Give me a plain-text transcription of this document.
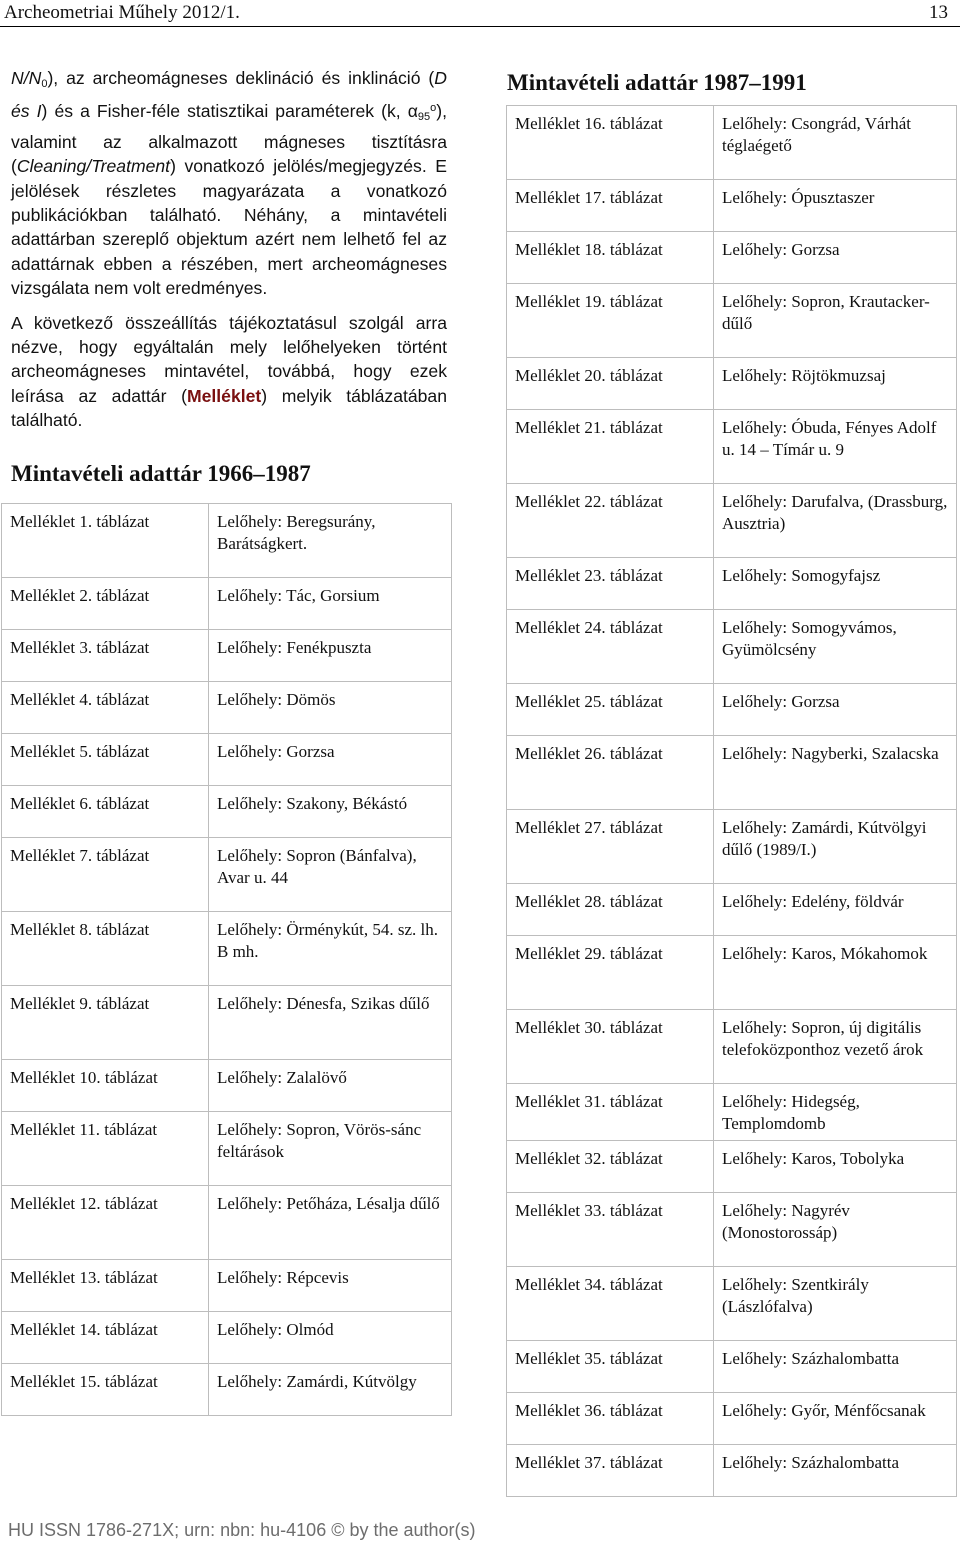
Archeometriai Műhely 2012/1.	13

$N/N_0$), az archeomágneses deklináció és inklináció (D és I) és a Fisher-féle statisztikai paraméterek (k, $\alpha_{95}^o$), valamint az alkalmazott mágneses tisztításra (Cleaning/Treatment) vonatkozó jelölés/megjegyzés. E jelölések részletes magyarázata a vonatkozó publikációkban található. Néhány, a mintavételi adattárban szereplő objektum azért nem lelhető fel az adattárnak ebben a részében, mert archeomágneses vizsgálata nem volt eredményes.

A következő összeállítás tájékoztatásul szolgál arra nézve, hogy egyáltalán mely lelőhelyeken történt archeomágneses mintavétel, továbbá, hogy ezek leírása az adattár (Melléklet) melyik táblázatában található.

Mintavételi adattár 1966–1987
Melléklet 1. táblázat	Lelőhely: Beregsurány, Barátságkert.
Melléklet 2. táblázat	Lelőhely: Tác, Gorsium
Melléklet 3. táblázat	Lelőhely: Fenékpuszta
Melléklet 4. táblázat	Lelőhely: Dömös
Melléklet 5. táblázat	Lelőhely: Gorzsa
Melléklet 6. táblázat	Lelőhely: Szakony, Békástó
Melléklet 7. táblázat	Lelőhely: Sopron (Bánfalva), Avar u. 44
Melléklet 8. táblázat	Lelőhely: Örménykút, 54. sz. lh. B mh.
Melléklet 9. táblázat	Lelőhely: Dénesfa, Szikas dűlő
Melléklet 10. táblázat	Lelőhely: Zalalövő
Melléklet 11. táblázat	Lelőhely: Sopron, Vörös-sánc feltárások
Melléklet 12. táblázat	Lelőhely: Petőháza, Lésalja dűlő
Melléklet 13. táblázat	Lelőhely: Répcevis
Melléklet 14. táblázat	Lelőhely: Olmód
Melléklet 15. táblázat	Lelőhely: Zamárdi, Kútvölgy
Mintavételi adattár 1987–1991
Melléklet 16. táblázat	Lelőhely: Csongrád, Várhát téglaégető
Melléklet 17. táblázat	Lelőhely: Ópusztaszer
Melléklet 18. táblázat	Lelőhely: Gorzsa
Melléklet 19. táblázat	Lelőhely: Sopron, Krautacker-dűlő
Melléklet 20. táblázat	Lelőhely: Röjtökmuzsaj
Melléklet 21. táblázat	Lelőhely: Óbuda, Fényes Adolf u. 14 – Tímár u. 9
Melléklet 22. táblázat	Lelőhely: Darufalva, (Drassburg, Ausztria)
Melléklet 23. táblázat	Lelőhely: Somogyfajsz
Melléklet 24. táblázat	Lelőhely: Somogyvámos, Gyümölcsény
Melléklet 25. táblázat	Lelőhely: Gorzsa
Melléklet 26. táblázat	Lelőhely: Nagyberki, Szalacska
Melléklet 27. táblázat	Lelőhely: Zamárdi, Kútvölgyi dűlő (1989/I.)
Melléklet 28. táblázat	Lelőhely: Edelény, földvár
Melléklet 29. táblázat	Lelőhely: Karos, Mókahomok
Melléklet 30. táblázat	Lelőhely: Sopron, új digitális telefoközponthoz vezető árok
Melléklet 31. táblázat	Lelőhely: Hidegség, Templomdomb
Melléklet 32. táblázat	Lelőhely: Karos, Tobolyka
Melléklet 33. táblázat	Lelőhely: Nagyrév (Monostorossáp)
Melléklet 34. táblázat	Lelőhely: Szentkirály (Lászlófalva)
Melléklet 35. táblázat	Lelőhely: Százhalombatta
Melléklet 36. táblázat	Lelőhely: Győr, Ménfőcsanak
Melléklet 37. táblázat	Lelőhely: Százhalombatta
HU ISSN 1786-271X; urn: nbn: hu-4106 © by the author(s)
